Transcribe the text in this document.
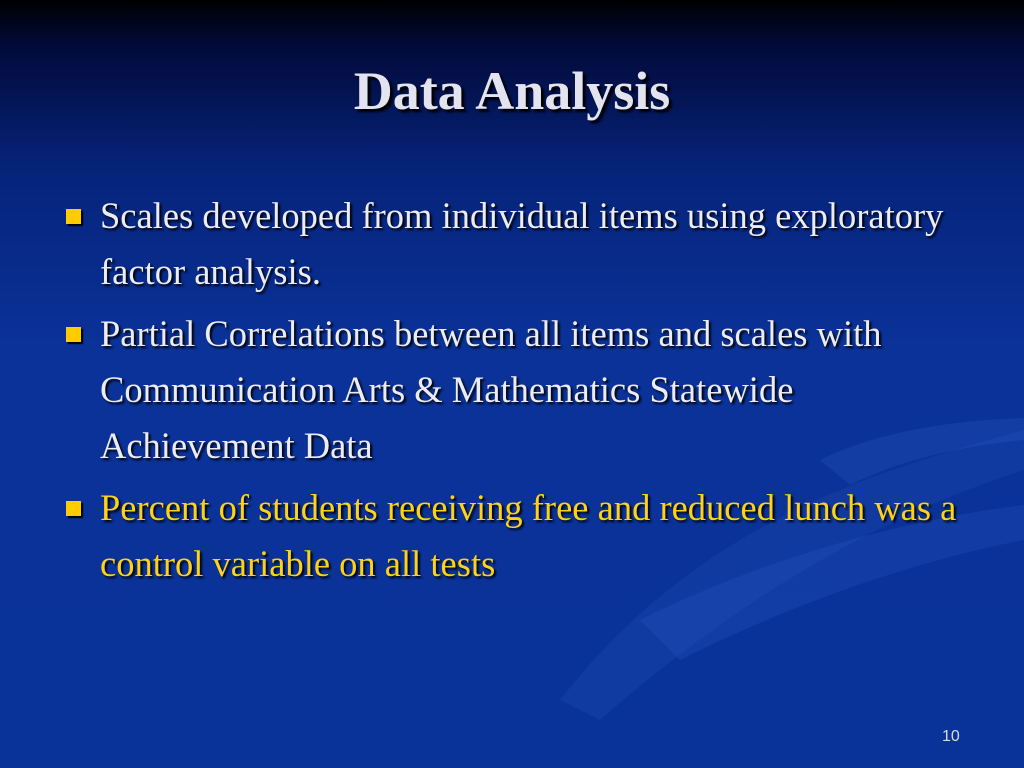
Data Analysis
Scales developed from individual items using exploratory factor analysis.
Partial Correlations between all items and scales with Communication Arts & Mathematics Statewide Achievement Data
Percent of students receiving free and reduced lunch was a control variable on all tests
10
